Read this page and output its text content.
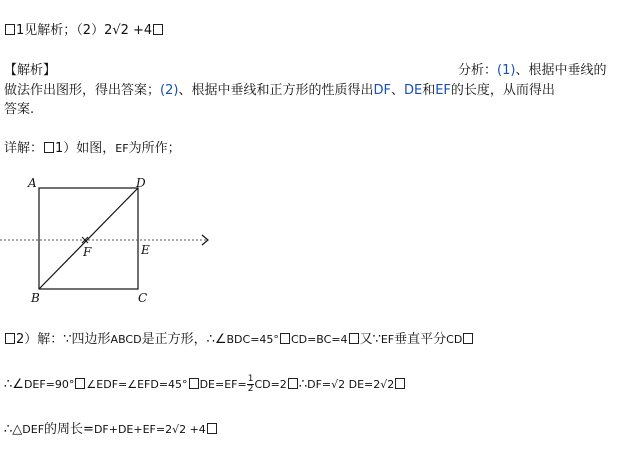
1见解析；（2）2√2 +4
【解析】	分析：(1)、根据中垂线的
做法作出图形，得出答案；(2)、根据中垂线和正方形的性质得出DF、DE和EF的长度，从而得出
答案.
详解： 1）如图，EF为所作；
A	D
F	E
B	C
2）解：∵四边形ABCD是正方形，∴∠BDC=45° CD=BC=4 又∵EF垂直平分CD
∴∠DEF=90° ∠EDF=∠EFD=45° $DE=EF= \frac{1}{2} CD=2$ ∴DF=√2 DE=2√2
∴△DEF的周长=DF+DE+EF=2√2 +4
